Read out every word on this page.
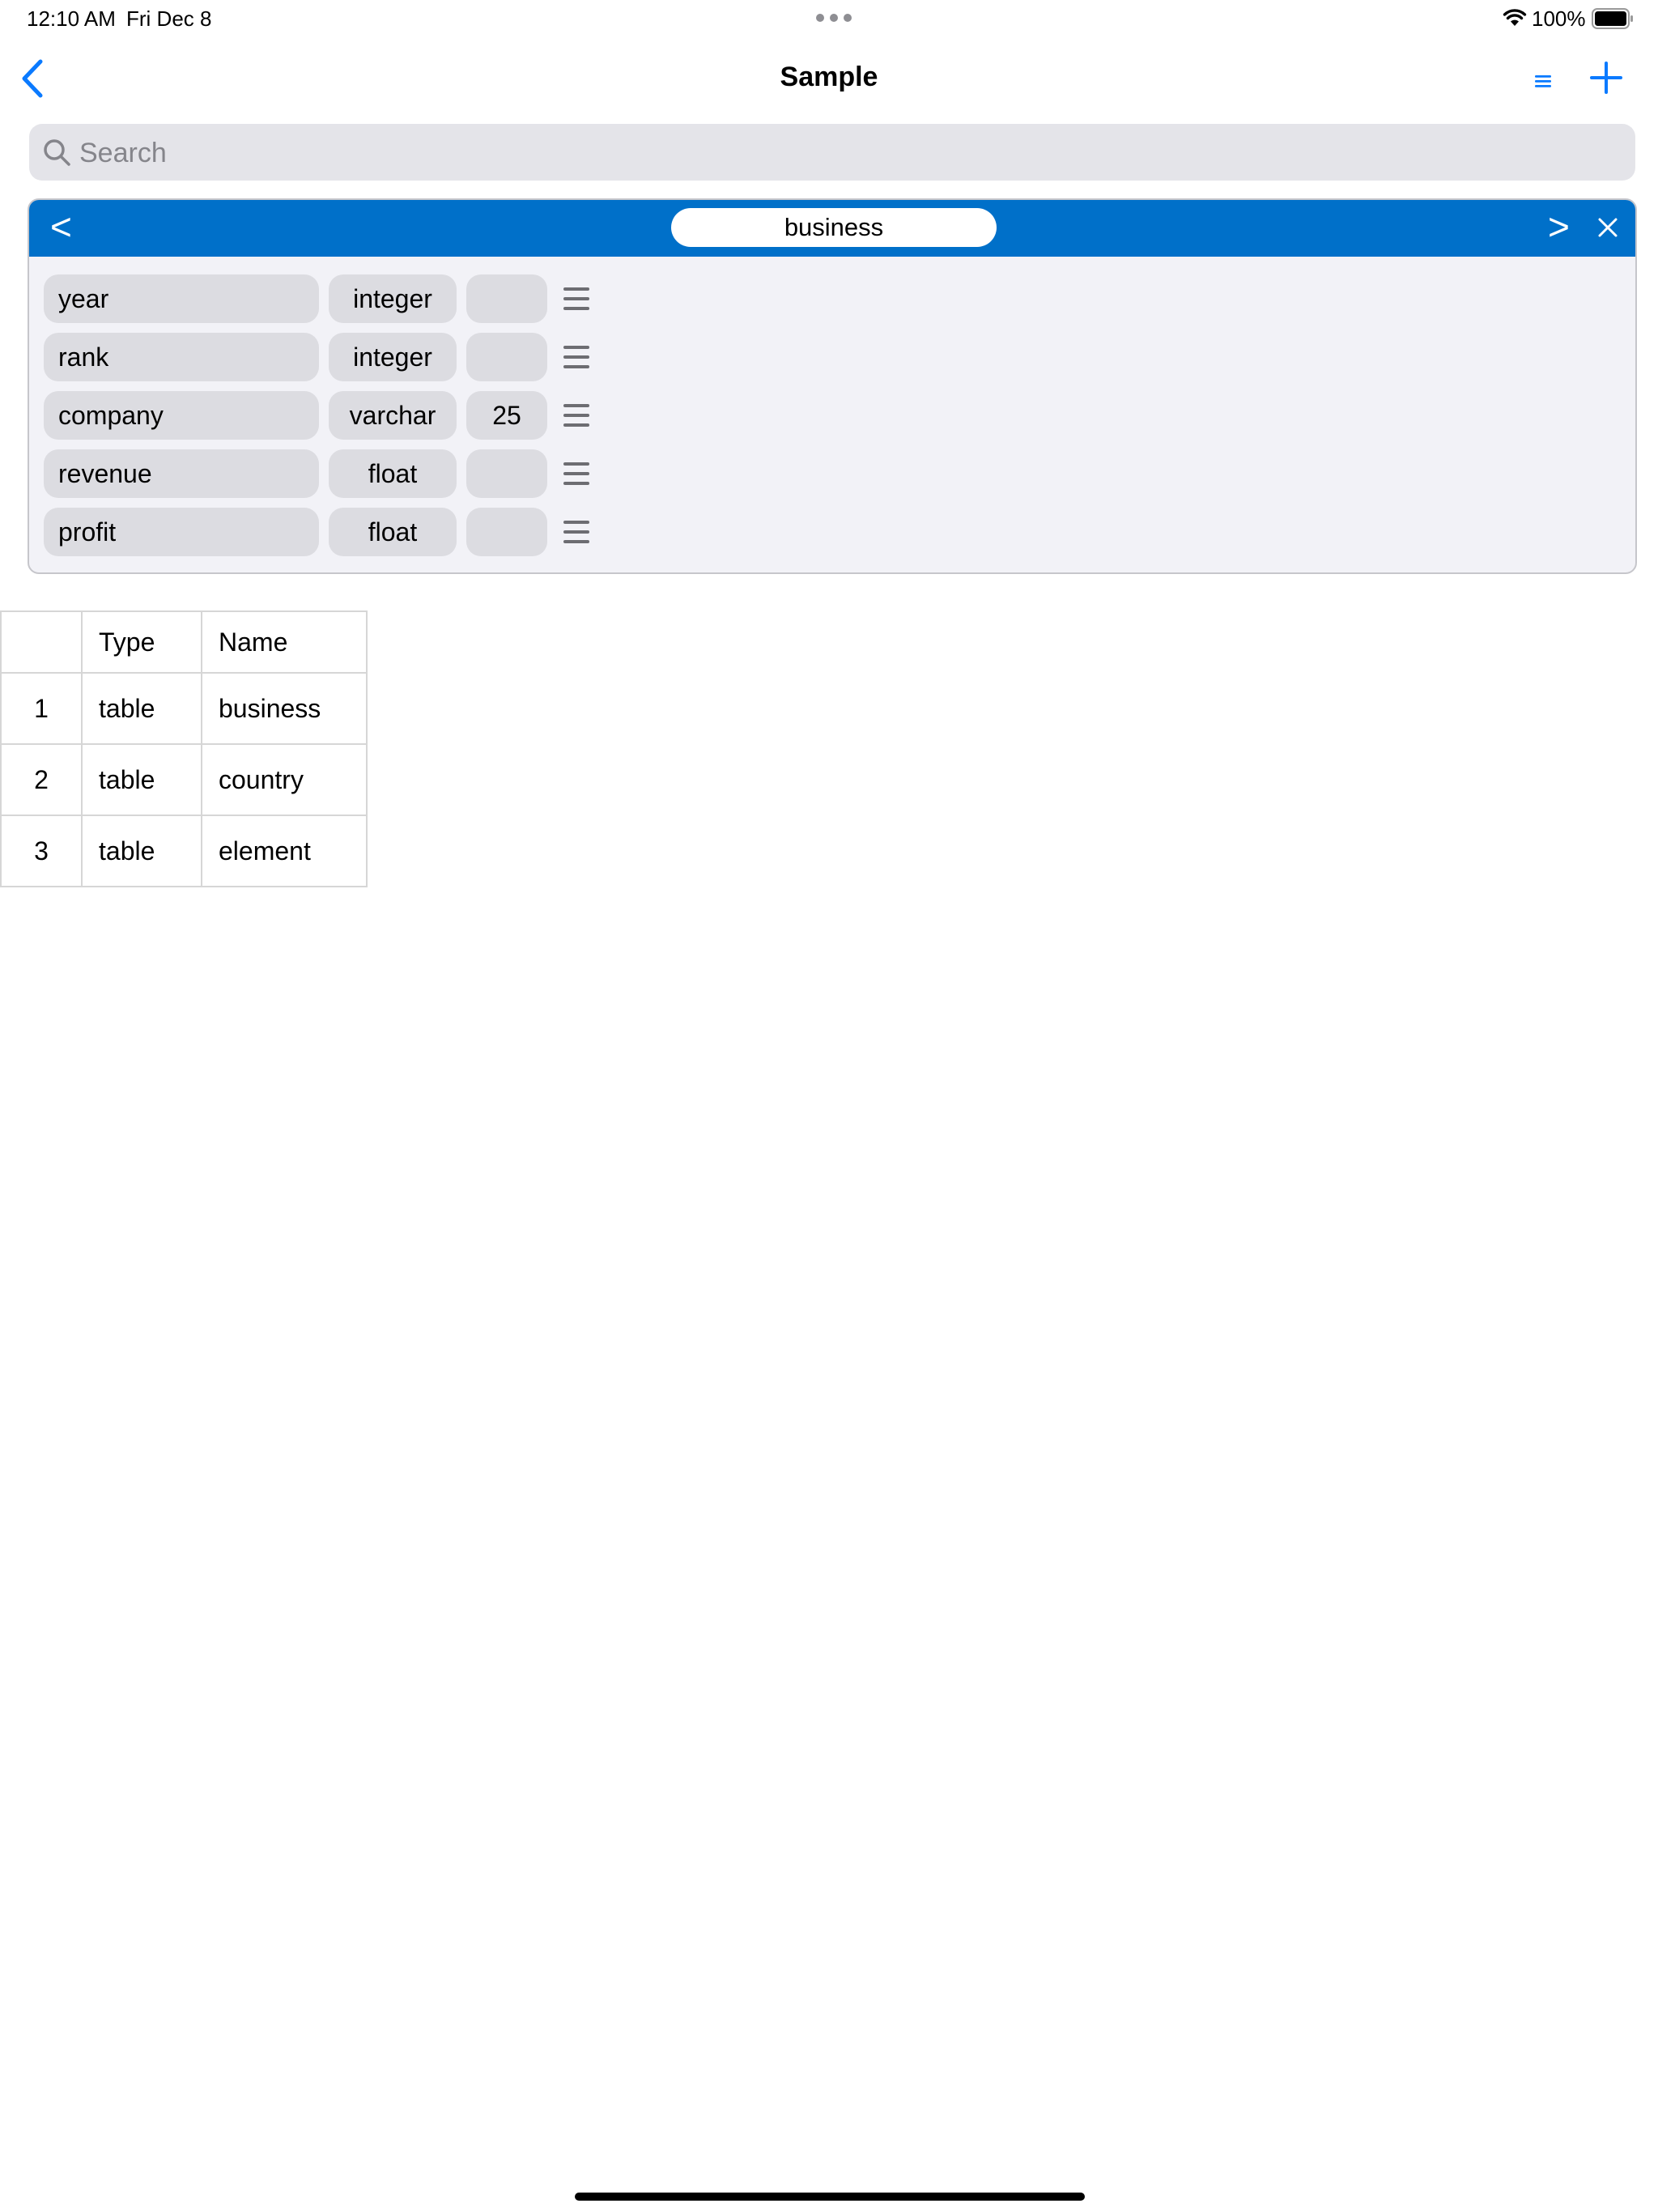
12:10 AM Fri Dec 8	100%
Sample
Search
<	business	>
year	integer
rank	integer
company	varchar	25
revenue	float
profit	float
	Type	Name
1	table	business
2	table	country
3	table	element
